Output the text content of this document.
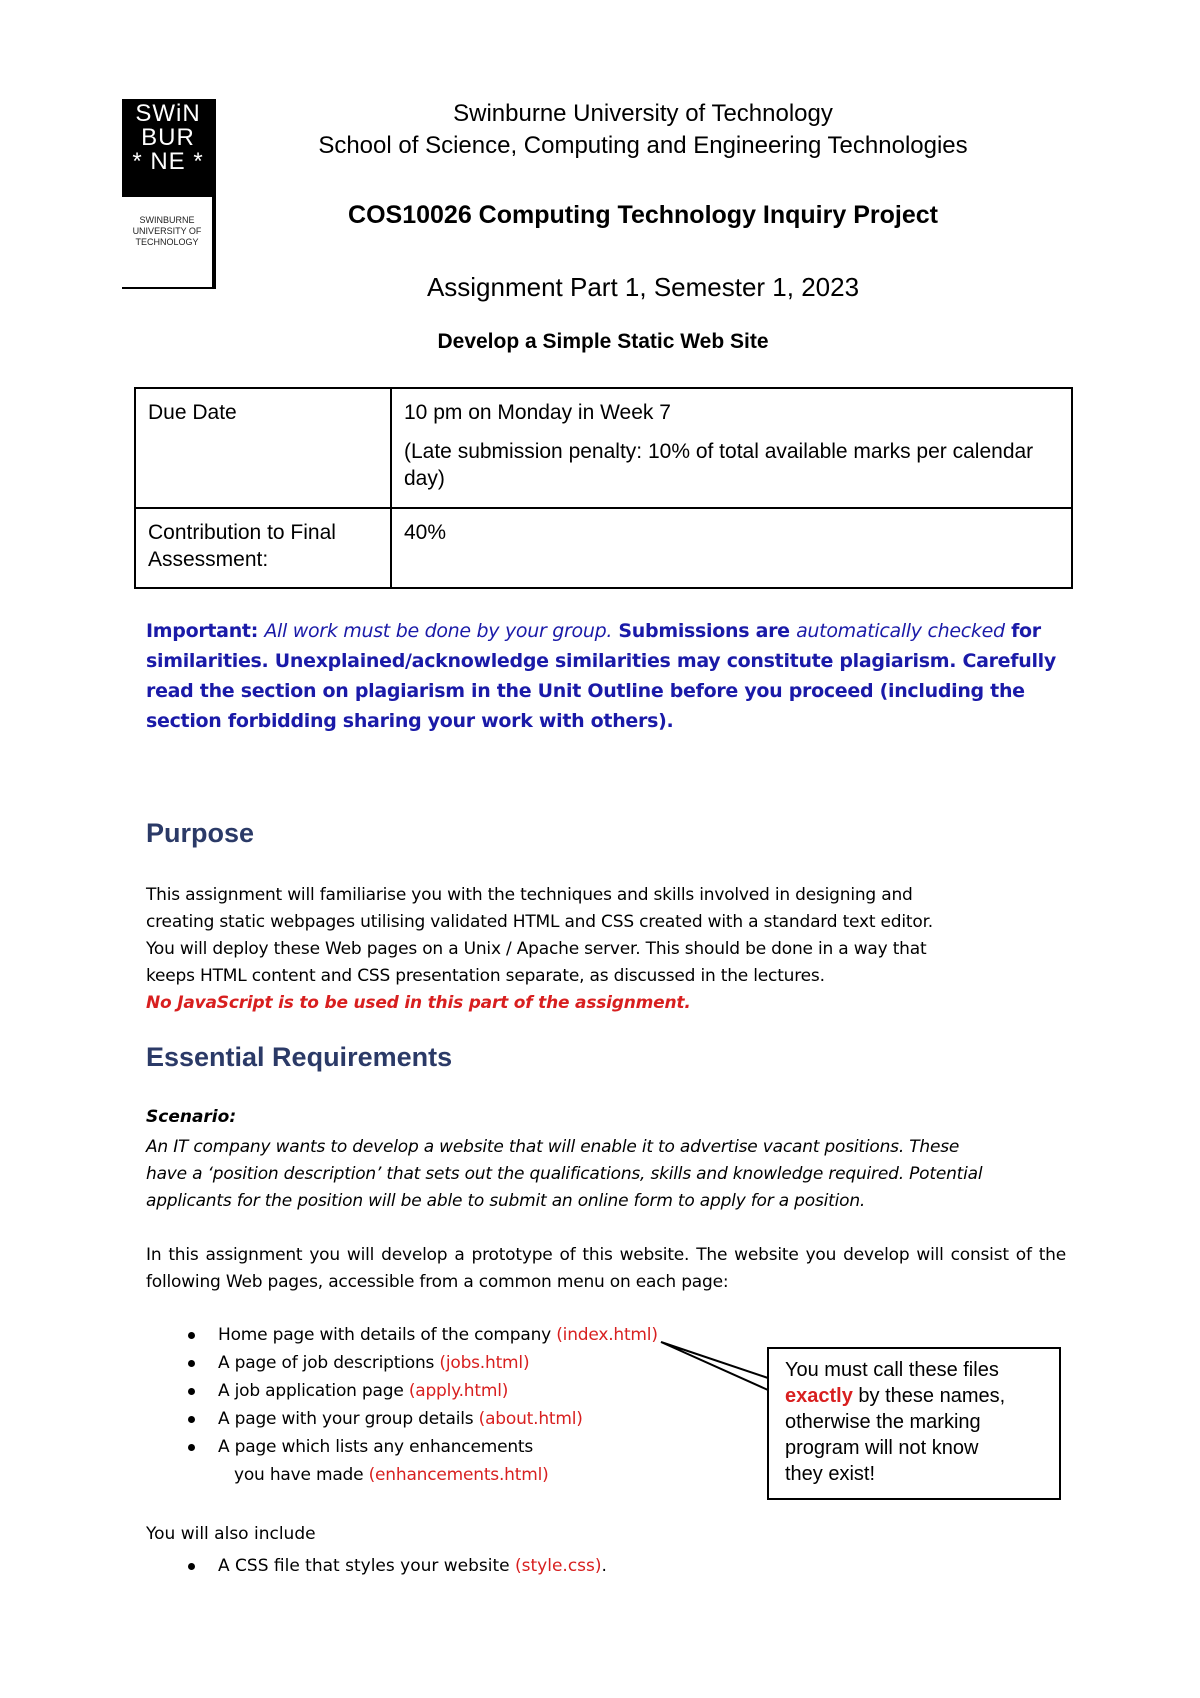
SWiN
BUR
* NE *
SWINBURNE
UNIVERSITY OF
TECHNOLOGY
Swinburne University of Technology
School of Science, Computing and Engineering Technologies
COS10026 Computing Technology Inquiry Project
Assignment Part 1, Semester 1, 2023
Develop a Simple Static Web Site
Due Date	10 pm on Monday in Week 7
(Late submission penalty: 10% of total available marks per calendar day)

Contribution to Final Assessment:	40%
Important: All work must be done by your group. Submissions are automatically checked for similarities. Unexplained/acknowledge similarities may constitute plagiarism. Carefully read the section on plagiarism in the Unit Outline before you proceed (including the section forbidding sharing your work with others).
Purpose
This assignment will familiarise you with the techniques and skills involved in designing and
creating static webpages utilising validated HTML and CSS created with a standard text editor.
You will deploy these Web pages on a Unix / Apache server. This should be done in a way that
keeps HTML content and CSS presentation separate, as discussed in the lectures.
No JavaScript is to be used in this part of the assignment.
Essential Requirements
Scenario:
An IT company wants to develop a website that will enable it to advertise vacant positions. These
have a ‘position description’ that sets out the qualifications, skills and knowledge required. Potential
applicants for the position will be able to submit an online form to apply for a position.
In this assignment you will develop a prototype of this website. The website you develop will consist of the following Web pages, accessible from a common menu on each page:
Home page with details of the company (index.html)
A page of job descriptions (jobs.html)
A job application page (apply.html)
A page with your group details (about.html)
A page which lists any enhancements
you have made (enhancements.html)
You will also include
A CSS file that styles your website (style.css).
You must call these files
exactly by these names,
otherwise the marking
program will not know
they exist!
